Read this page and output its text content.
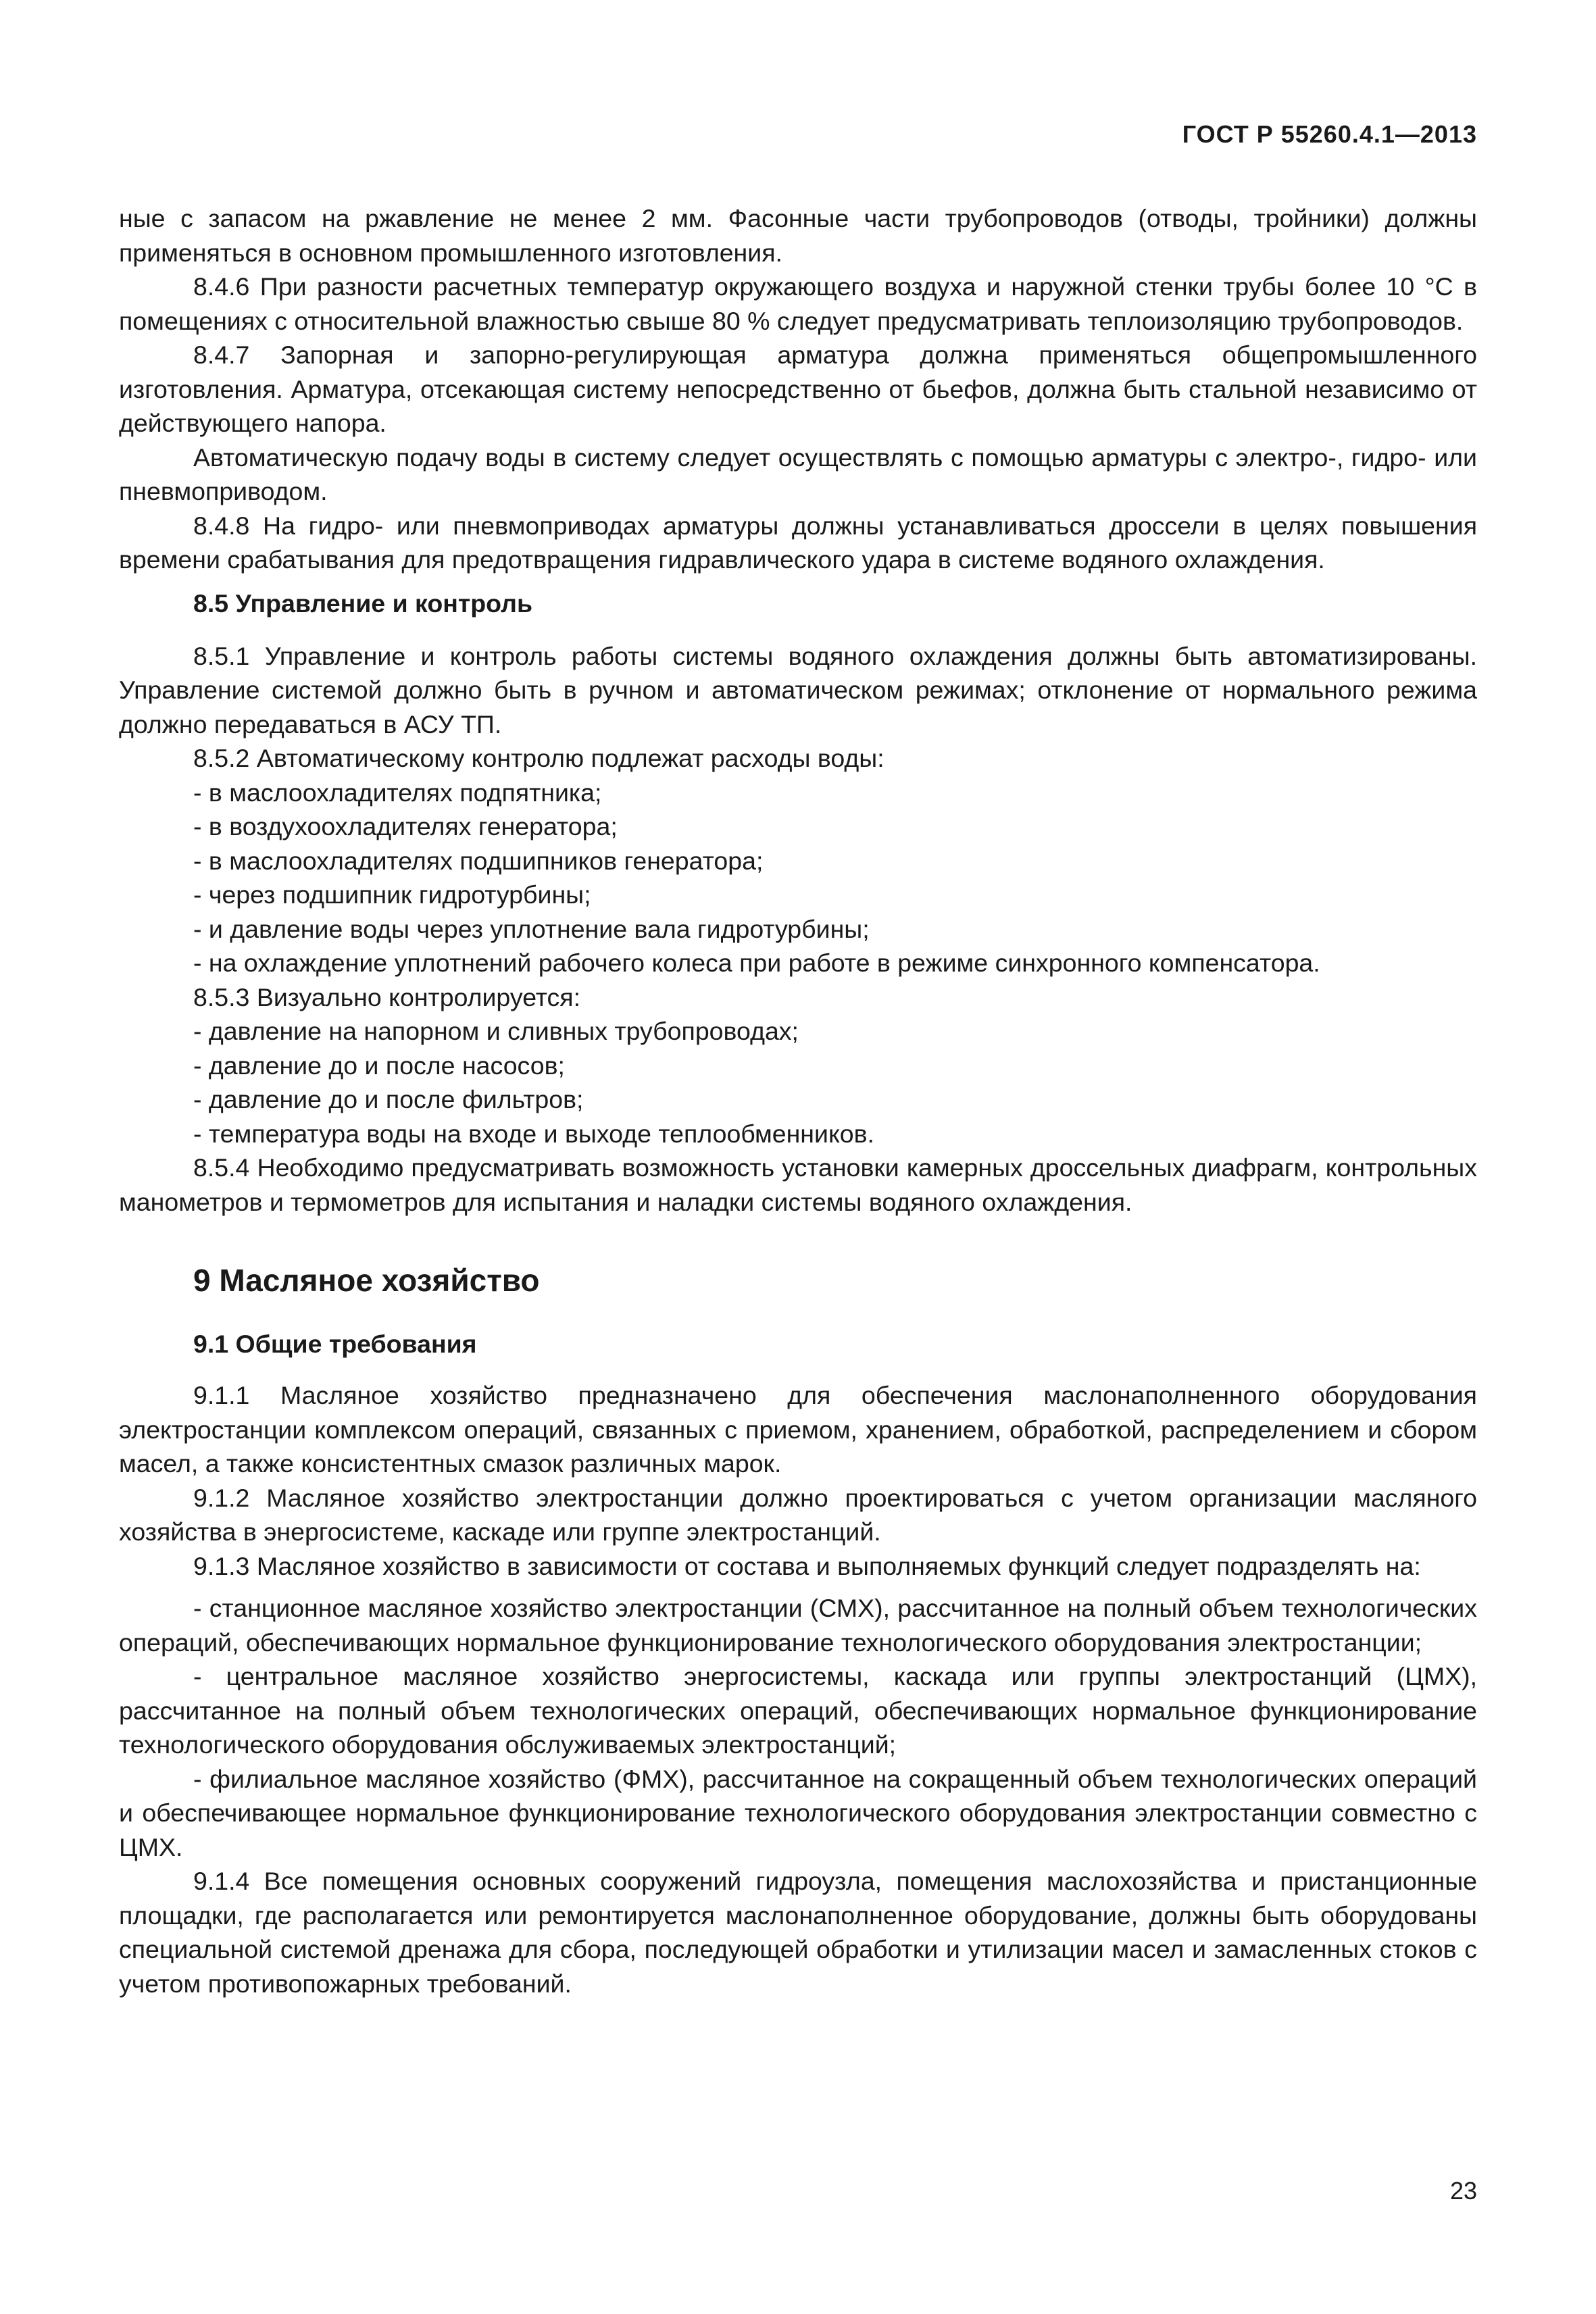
ГОСТ Р 55260.4.1—2013

ные с запасом на ржавление не менее 2 мм. Фасонные части трубопроводов (отводы, тройники) должны применяться в основном промышленного изготовления.

8.4.6 При разности расчетных температур окружающего воздуха и наружной стенки трубы более 10 °С в помещениях с относительной влажностью свыше 80 % следует предусматривать теплоизоляцию трубопроводов.

8.4.7 Запорная и запорно-регулирующая арматура должна применяться общепромышленного изготовления. Арматура, отсекающая систему непосредственно от бьефов, должна быть стальной независимо от действующего напора.

Автоматическую подачу воды в систему следует осуществлять с помощью арматуры с электро-, гидро- или пневмоприводом.

8.4.8 На гидро- или пневмоприводах арматуры должны устанавливаться дроссели в целях повышения времени срабатывания для предотвращения гидравлического удара в системе водяного охлаждения.

8.5 Управление и контроль

8.5.1 Управление и контроль работы системы водяного охлаждения должны быть автоматизированы. Управление системой должно быть в ручном и автоматическом режимах; отклонение от нормального режима должно передаваться в АСУ ТП.

8.5.2 Автоматическому контролю подлежат расходы воды:

- в маслоохладителях подпятника;

- в воздухоохладителях генератора;

- в маслоохладителях подшипников генератора;

- через подшипник гидротурбины;

- и давление воды через уплотнение вала гидротурбины;

- на охлаждение уплотнений рабочего колеса при работе в режиме синхронного компенсатора.

8.5.3 Визуально контролируется:

- давление на напорном и сливных трубопроводах;

- давление до и после насосов;

- давление до и после фильтров;

- температура воды на входе и выходе теплообменников.

8.5.4 Необходимо предусматривать возможность установки камерных дроссельных диафрагм, контрольных манометров и термометров для испытания и наладки системы водяного охлаждения.

9 Масляное хозяйство
9.1 Общие требования

9.1.1 Масляное хозяйство предназначено для обеспечения маслонаполненного оборудования электростанции комплексом операций, связанных с приемом, хранением, обработкой, распределением и сбором масел, а также консистентных смазок различных марок.

9.1.2 Масляное хозяйство электростанции должно проектироваться с учетом организации масляного хозяйства в энергосистеме, каскаде или группе электростанций.

9.1.3 Масляное хозяйство в зависимости от состава и выполняемых функций следует подразделять на:

- станционное масляное хозяйство электростанции (СМХ), рассчитанное на полный объем технологических операций, обеспечивающих нормальное функционирование технологического оборудования электростанции;

- центральное масляное хозяйство энергосистемы, каскада или группы электростанций (ЦМХ), рассчитанное на полный объем технологических операций, обеспечивающих нормальное функционирование технологического оборудования обслуживаемых электростанций;

- филиальное масляное хозяйство (ФМХ), рассчитанное на сокращенный объем технологических операций и обеспечивающее нормальное функционирование технологического оборудования электростанции совместно с ЦМХ.

9.1.4 Все помещения основных сооружений гидроузла, помещения маслохозяйства и пристанционные площадки, где располагается или ремонтируется маслонаполненное оборудование, должны быть оборудованы специальной системой дренажа для сбора, последующей обработки и утилизации масел и замасленных стоков с учетом противопожарных требований.

23
